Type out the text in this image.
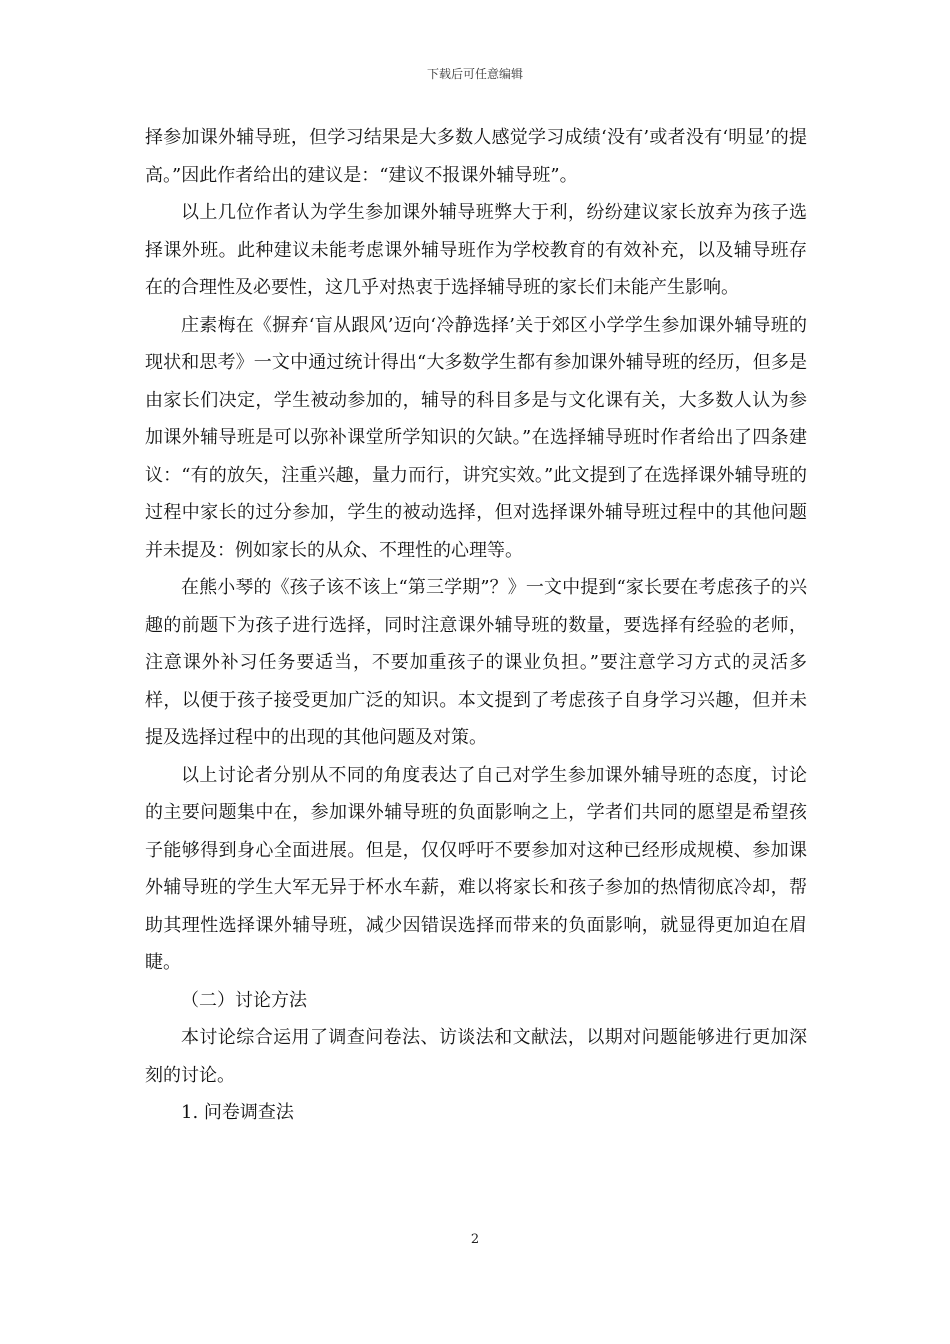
下载后可任意编辑

择参加课外辅导班，但学习结果是大多数人感觉学习成绩‘没有’或者没有‘明显’的提高。”因此作者给出的建议是：“建议不报课外辅导班”。

以上几位作者认为学生参加课外辅导班弊大于利，纷纷建议家长放弃为孩子选择课外班。此种建议未能考虑课外辅导班作为学校教育的有效补充，以及辅导班存在的合理性及必要性，这几乎对热衷于选择辅导班的家长们未能产生影响。

庄素梅在《摒弃‘盲从跟风’迈向‘冷静选择’关于郊区小学学生参加课外辅导班的现状和思考》一文中通过统计得出“大多数学生都有参加课外辅导班的经历，但多是由家长们决定，学生被动参加的，辅导的科目多是与文化课有关，大多数人认为参加课外辅导班是可以弥补课堂所学知识的欠缺。”在选择辅导班时作者给出了四条建议：“有的放矢，注重兴趣，量力而行，讲究实效。”此文提到了在选择课外辅导班的过程中家长的过分参加，学生的被动选择，但对选择课外辅导班过程中的其他问题并未提及：例如家长的从众、不理性的心理等。

在熊小琴的《孩子该不该上“第三学期”？》一文中提到“家长要在考虑孩子的兴趣的前题下为孩子进行选择，同时注意课外辅导班的数量，要选择有经验的老师，注意课外补习任务要适当，不要加重孩子的课业负担。”要注意学习方式的灵活多样，以便于孩子接受更加广泛的知识。本文提到了考虑孩子自身学习兴趣，但并未提及选择过程中的出现的其他问题及对策。

以上讨论者分别从不同的角度表达了自己对学生参加课外辅导班的态度，讨论的主要问题集中在，参加课外辅导班的负面影响之上，学者们共同的愿望是希望孩子能够得到身心全面进展。但是，仅仅呼吁不要参加对这种已经形成规模、参加课外辅导班的学生大军无异于杯水车薪，难以将家长和孩子参加的热情彻底冷却，帮助其理性选择课外辅导班，减少因错误选择而带来的负面影响，就显得更加迫在眉睫。

（二）讨论方法

本讨论综合运用了调查问卷法、访谈法和文献法，以期对问题能够进行更加深刻的讨论。

1. 问卷调查法

2
